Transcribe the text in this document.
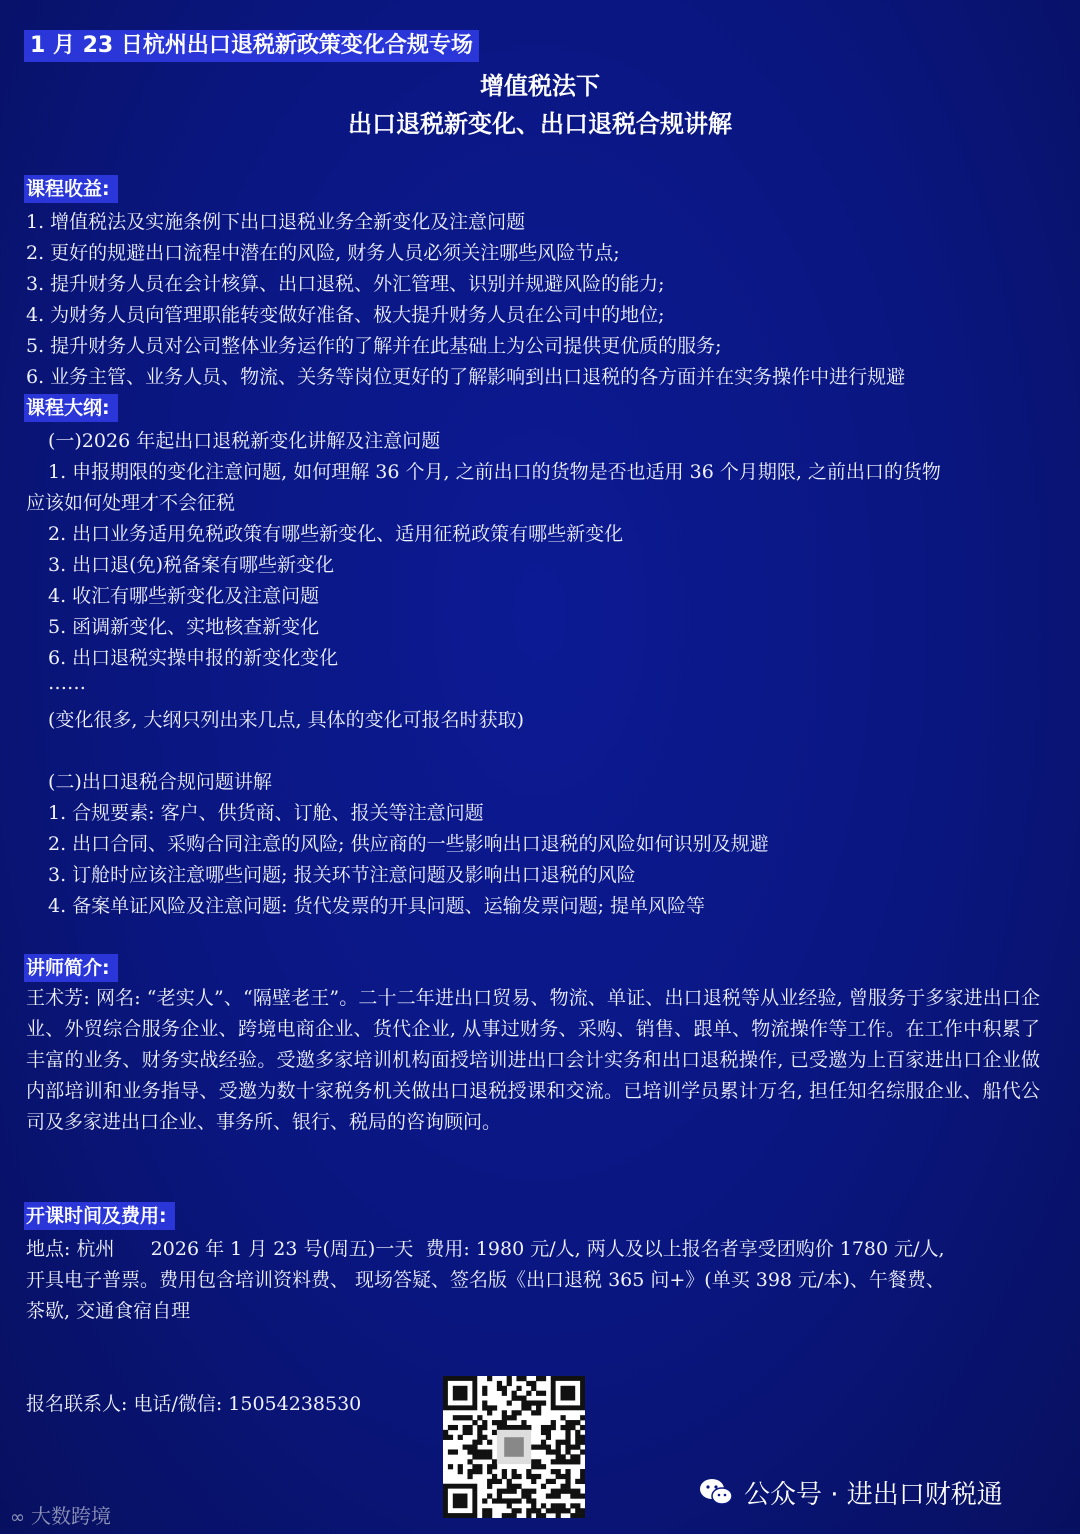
1 月 23 日杭州出口退税新政策变化合规专场
增值税法下
出口退税新变化、出口退税合规讲解
课程收益:
1. 增值税法及实施条例下出口退税业务全新变化及注意问题
2. 更好的规避出口流程中潜在的风险, 财务人员必须关注哪些风险节点;
3. 提升财务人员在会计核算、出口退税、外汇管理、识别并规避风险的能力;
4. 为财务人员向管理职能转变做好准备、极大提升财务人员在公司中的地位;
5. 提升财务人员对公司整体业务运作的了解并在此基础上为公司提供更优质的服务;
6. 业务主管、业务人员、物流、关务等岗位更好的了解影响到出口退税的各方面并在实务操作中进行规避
课程大纲:
(一)2026 年起出口退税新变化讲解及注意问题
1. 申报期限的变化注意问题, 如何理解 36 个月, 之前出口的货物是否也适用 36 个月期限, 之前出口的货物
应该如何处理才不会征税
2. 出口业务适用免税政策有哪些新变化、适用征税政策有哪些新变化
3. 出口退(免)税备案有哪些新变化
4. 收汇有哪些新变化及注意问题
5. 函调新变化、实地核查新变化
6. 出口退税实操申报的新变化变化
……
(变化很多, 大纲只列出来几点, 具体的变化可报名时获取)
(二)出口退税合规问题讲解
1. 合规要素: 客户、供货商、订舱、报关等注意问题
2. 出口合同、采购合同注意的风险; 供应商的一些影响出口退税的风险如何识别及规避
3. 订舱时应该注意哪些问题; 报关环节注意问题及影响出口退税的风险
4. 备案单证风险及注意问题: 货代发票的开具问题、运输发票问题; 提单风险等
讲师简介:
王术芳: 网名: “老实人”、“隔壁老王”。二十二年进出口贸易、物流、单证、出口退税等从业经验, 曾服务于多家进出口企业、外贸综合服务企业、跨境电商企业、货代企业, 从事过财务、采购、销售、跟单、物流操作等工作。在工作中积累了丰富的业务、财务实战经验。受邀多家培训机构面授培训进出口会计实务和出口退税操作, 已受邀为上百家进出口企业做内部培训和业务指导、受邀为数十家税务机关做出口退税授课和交流。已培训学员累计万名, 担任知名综服企业、船代公司及多家进出口企业、事务所、银行、税局的咨询顾问。
开课时间及费用:
地点: 杭州      2026 年 1 月 23 号(周五)一天  费用: 1980 元/人, 两人及以上报名者享受团购价 1780 元/人,
开具电子普票。费用包含培训资料费、 现场答疑、签名版《出口退税 365 问+》(单买 398 元/本)、午餐费、
茶歇, 交通食宿自理
报名联系人: 电话/微信: 15054238530
∞ 大数跨境
公众号 · 进出口财税通
